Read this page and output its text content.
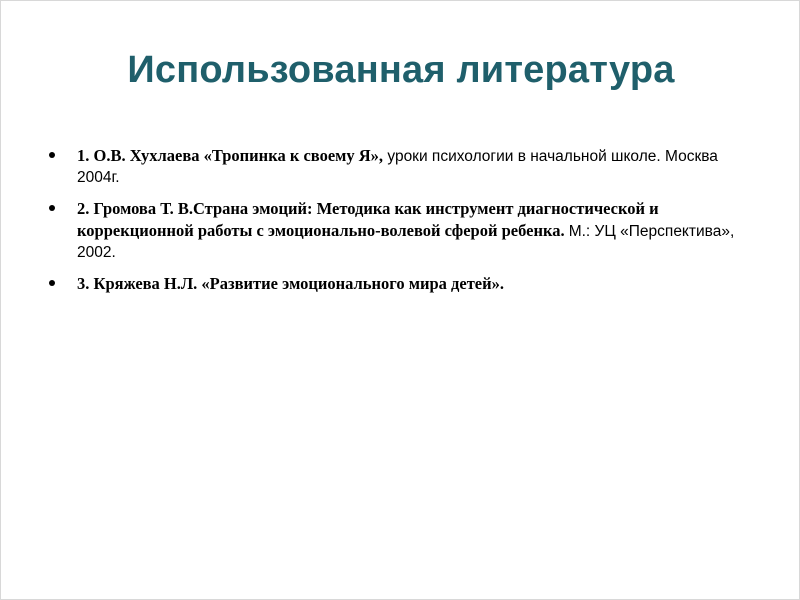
Использованная литература
1. О.В. Хухлаева «Тропинка к своему Я», уроки психологии в начальной школе. Москва 2004г.
2. Громова Т. В.Страна эмоций: Методика как инструмент диагностической и коррекционной работы с эмоционально-волевой сферой ребенка. М.: УЦ «Перспектива», 2002.
3. Кряжева Н.Л. «Развитие эмоционального мира детей».
